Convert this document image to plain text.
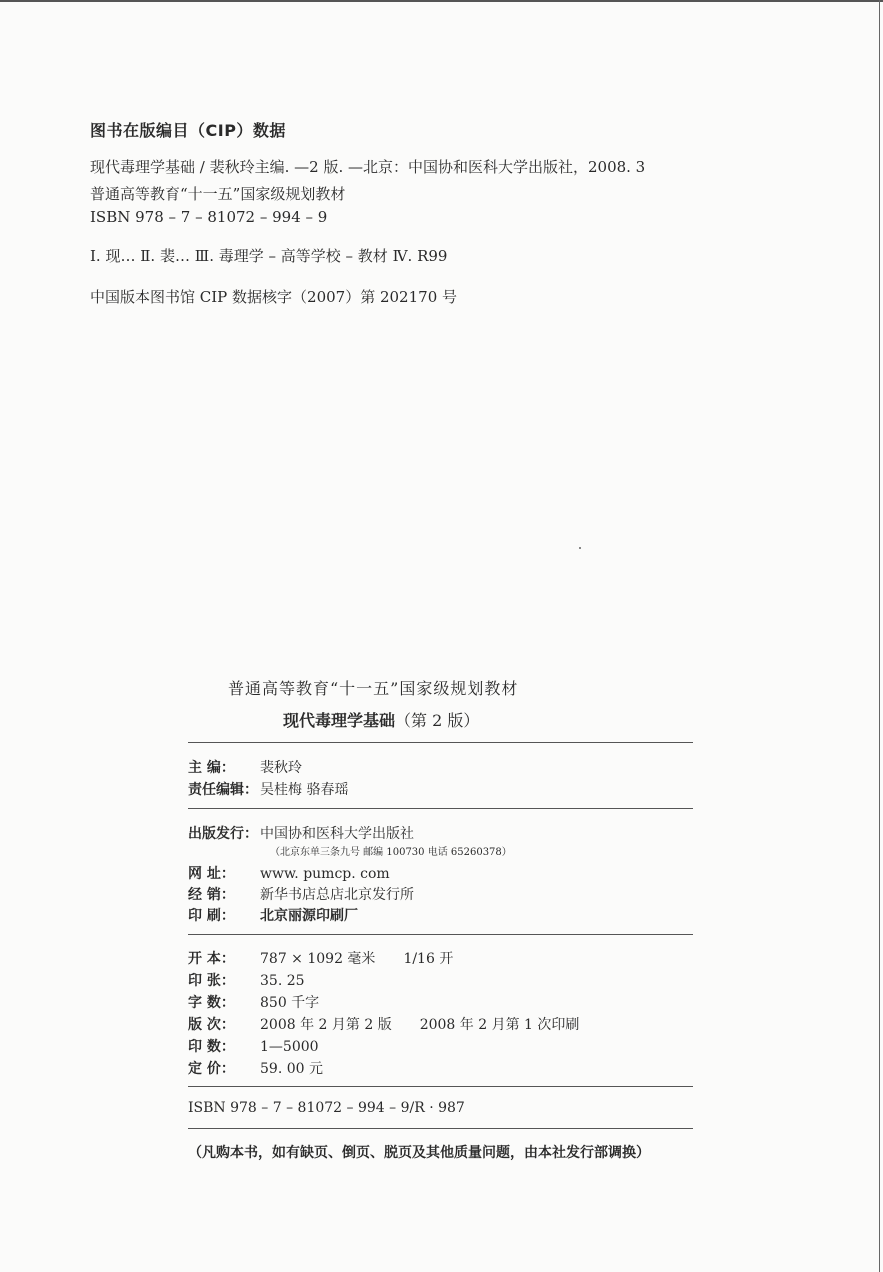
图书在版编目（CIP）数据
现代毒理学基础 / 裴秋玲主编. —2 版. —北京：中国协和医科大学出版社，2008. 3
普通高等教育“十一五”国家级规划教材
ISBN 978 – 7 – 81072 – 994 – 9
Ⅰ. 现… Ⅱ. 裴… Ⅲ. 毒理学 – 高等学校 – 教材 Ⅳ. R99
中国版本图书馆 CIP 数据核字（2007）第 202170 号
普通高等教育“十一五”国家级规划教材
现代毒理学基础（第 2 版）
主 编： 裴秋玲
责任编辑： 吴桂梅 骆春瑶
出版发行： 中国协和医科大学出版社
（北京东单三条九号 邮编 100730 电话 65260378）
网 址： www. pumcp. com
经 销： 新华书店总店北京发行所
印 刷： 北京丽源印刷厂
开 本： 787 × 1092 毫米 1/16 开
印 张： 35. 25
字 数： 850 千字
版 次： 2008 年 2 月第 2 版 2008 年 2 月第 1 次印刷
印 数： 1—5000
定 价： 59. 00 元
ISBN 978 – 7 – 81072 – 994 – 9/R · 987
（凡购本书，如有缺页、倒页、脱页及其他质量问题，由本社发行部调换）
